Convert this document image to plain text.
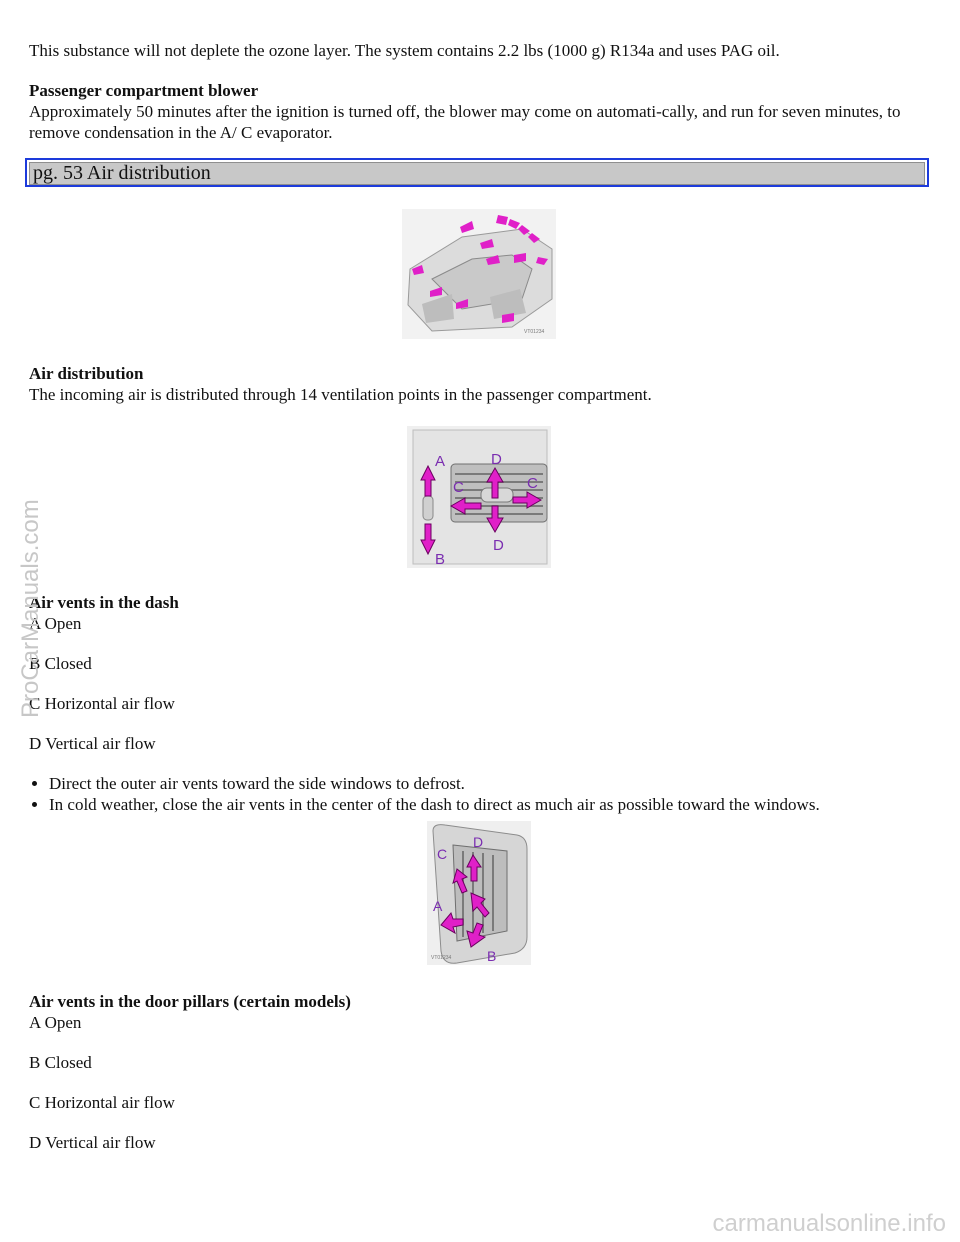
This substance will not deplete the ozone layer. The system contains 2.2 lbs (1000 g) R134a and uses PAG oil.

Passenger compartment blower

Approximately 50 minutes after the ignition is turned off, the blower may come on automati-cally, and run for seven minutes, to remove condensation in the A/ C evaporator.

pg. 53 Air distribution
VT01234

Air distribution

The incoming air is distributed through 14 ventilation points in the passenger compartment.

A
B
C	C
D
D

Air vents in the dash

A Open

B Closed

C Horizontal air flow

D Vertical air flow

• Direct the outer air vents toward the side windows to defrost.
• In cold weather, close the air vents in the center of the dash to direct as much air as possible toward the windows.
C
D
A
B
VT01234

Air vents in the door pillars (certain models)

A Open

B Closed

C Horizontal air flow

D Vertical air flow

ProCarManuals.com
carmanualsonline.info
